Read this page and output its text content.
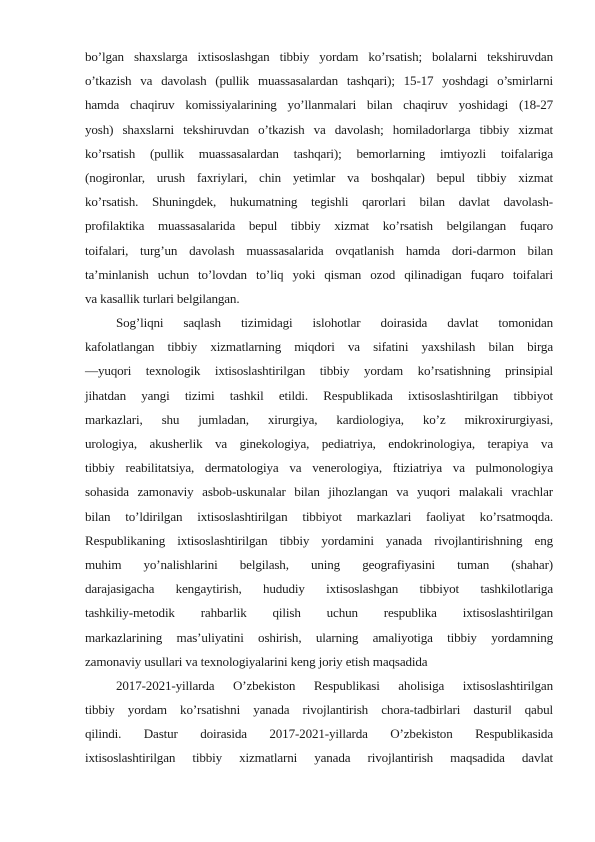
bo’lgan shaxslarga ixtisoslashgan tibbiy yordam ko’rsatish; bolalarni tekshiruvdan
o’tkazish va davolash (pullik muassasalardan tashqari); 15-17 yoshdagi o’smirlarni
hamda chaqiruv komissiyalarining yo’llanmalari bilan chaqiruv yoshidagi (18-27
yosh) shaxslarni tekshiruvdan o’tkazish va davolash; homiladorlarga tibbiy xizmat
ko’rsatish (pullik muassasalardan tashqari); bemorlarning imtiyozli toifalariga
(nogironlar, urush faxriylari, chin yetimlar va boshqalar) bepul tibbiy xizmat
ko’rsatish. Shuningdek, hukumatning tegishli qarorlari bilan davlat davolash-
profilaktika muassasalarida bepul tibbiy xizmat ko’rsatish belgilangan fuqaro
toifalari, turg’un davolash muassasalarida ovqatlanish hamda dori-darmon bilan
ta’minlanish uchun to’lovdan to’liq yoki qisman ozod qilinadigan fuqaro toifalari
va kasallik turlari belgilangan.
Sog’liqni saqlash tizimidagi islohotlar doirasida davlat tomonidan
kafolatlangan tibbiy xizmatlarning miqdori va sifatini yaxshilash bilan birga
—yuqori texnologik ixtisoslashtirilgan tibbiy yordam ko’rsatishning prinsipial
jihatdan yangi tizimi tashkil etildi. Respublikada ixtisoslashtirilgan tibbiyot
markazlari, shu jumladan, xirurgiya, kardiologiya, ko’z mikroxirurgiyasi,
urologiya, akusherlik va ginekologiya, pediatriya, endokrinologiya, terapiya va
tibbiy reabilitatsiya, dermatologiya va venerologiya, ftiziatriya va pulmonologiya
sohasida zamonaviy asbob-uskunalar bilan jihozlangan va yuqori malakali vrachlar
bilan to’ldirilgan ixtisoslashtirilgan tibbiyot markazlari faoliyat ko’rsatmoqda.
Respublikaning ixtisoslashtirilgan tibbiy yordamini yanada rivojlantirishning eng
muhim yo’nalishlarini belgilash, uning geografiyasini tuman (shahar)
darajasigacha kengaytirish, hududiy ixtisoslashgan tibbiyot tashkilotlariga
tashkiliy-metodik rahbarlik qilish uchun respublika ixtisoslashtirilgan
markazlarining mas’uliyatini oshirish, ularning amaliyotiga tibbiy yordamning
zamonaviy usullari va texnologiyalarini keng joriy etish maqsadida
2017-2021-yillarda O’zbekiston Respublikasi aholisiga ixtisoslashtirilgan
tibbiy yordam ko’rsatishni yanada rivojlantirish chora-tadbirlari dasturi‖ qabul
qilindi. Dastur doirasida 2017-2021-yillarda O’zbekiston Respublikasida
ixtisoslashtirilgan tibbiy xizmatlarni yanada rivojlantirish maqsadida davlat
